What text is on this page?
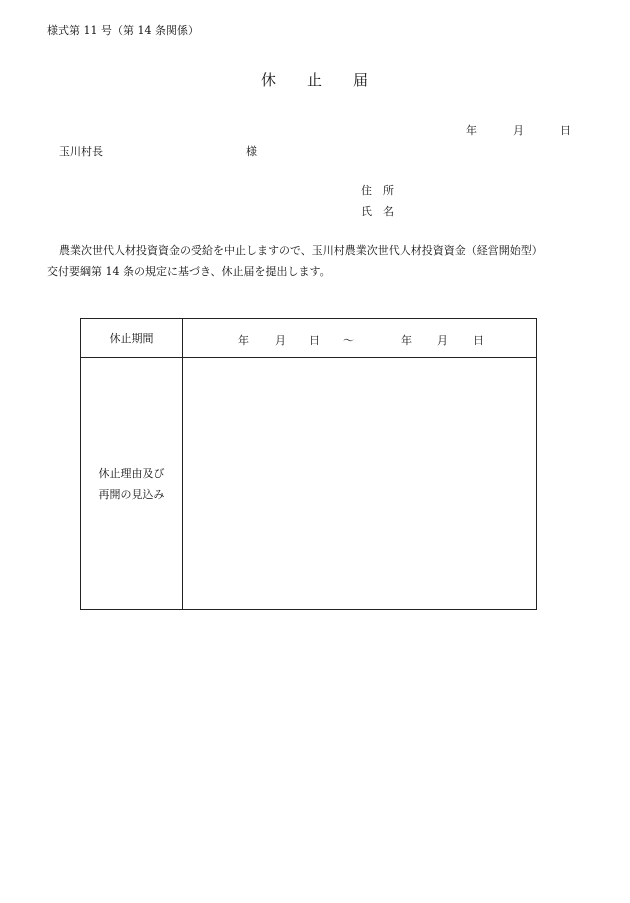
様式第 11 号（第 14 条関係）
休 止 届
年	月	日
玉川村長	様
住　所
氏　名
農業次世代人材投資資金の受給を中止しますので、玉川村農業次世代人材投資資金（経営開始型）
交付要綱第 14 条の規定に基づき、休止届を提出します。
休止期間	年 月 日 ～	年 月 日
休止理由及び
再開の見込み
